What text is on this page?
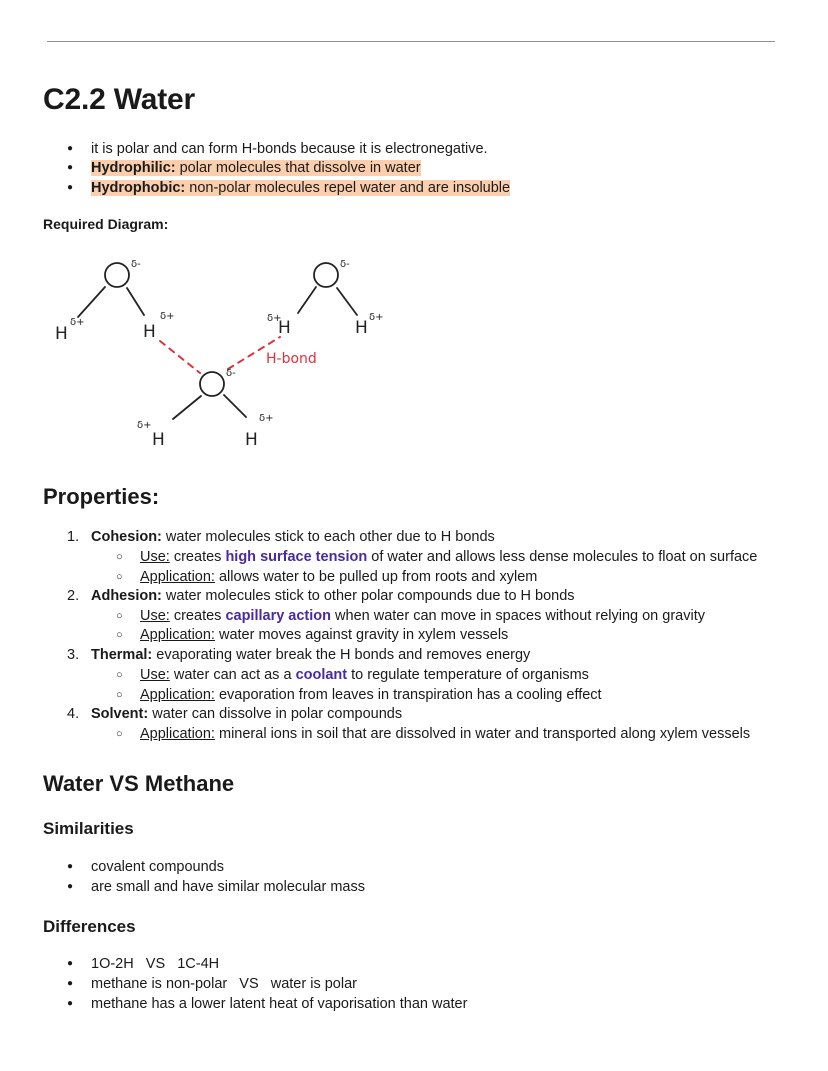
C2.2 Water
● it is polar and can form H-bonds because it is electronegative.
● Hydrophilic: polar molecules that dissolve in water
● Hydrophobic: non-polar molecules repel water and are insoluble
Required Diagram:
H	H	H	H
H	H
δ+
δ+	δ+	δ+
δ+
δ+
δ-	δ-
δ-
H-bond
Properties:
1. Cohesion: water molecules stick to each other due to H bonds
○ Use: creates high surface tension of water and allows less dense molecules to float on surface
○ Application: allows water to be pulled up from roots and xylem
2. Adhesion: water molecules stick to other polar compounds due to H bonds
○ Use: creates capillary action when water can move in spaces without relying on gravity
○ Application: water moves against gravity in xylem vessels
3. Thermal: evaporating water break the H bonds and removes energy
○ Use: water can act as a coolant to regulate temperature of organisms
○ Application: evaporation from leaves in transpiration has a cooling effect
4. Solvent: water can dissolve in polar compounds
○ Application: mineral ions in soil that are dissolved in water and transported along xylem vessels
Water VS Methane
Similarities
● covalent compounds
● are small and have similar molecular mass
Differences
● 1O-2H   VS   1C-4H
● methane is non-polar   VS   water is polar
● methane has a lower latent heat of vaporisation than water
